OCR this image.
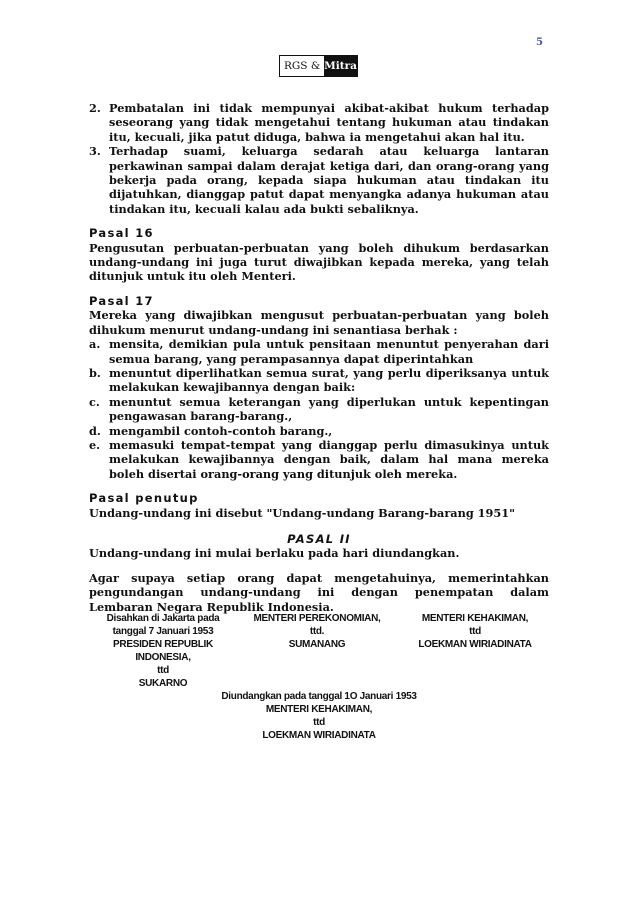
5
RGS & Mitra
2. Pembatalan ini tidak mempunyai akibat-akibat hukum terhadap seseorang yang tidak mengetahui tentang hukuman atau tindakan itu, kecuali, jika patut diduga, bahwa ia mengetahui akan hal itu.
3. Terhadap suami, keluarga sedarah atau keluarga lantaran perkawinan sampai dalam derajat ketiga dari, dan orang-orang yang bekerja pada orang, kepada siapa hukuman atau tindakan itu dijatuhkan, dianggap patut dapat menyangka adanya hukuman atau tindakan itu, kecuali kalau ada bukti sebaliknya.
Pasal 16

Pengusutan perbuatan-perbuatan yang boleh dihukum berdasarkan undang-undang ini juga turut diwajibkan kepada mereka, yang telah ditunjuk untuk itu oleh Menteri.

Pasal 17

Mereka yang diwajibkan mengusut perbuatan-perbuatan yang boleh dihukum menurut undang-undang ini senantiasa berhak :

a. mensita, demikian pula untuk pensitaan menuntut penyerahan dari semua barang, yang perampasannya dapat diperintahkan
b. menuntut diperlihatkan semua surat, yang perlu diperiksanya untuk melakukan kewajibannya dengan baik:
c. menuntut semua keterangan yang diperlukan untuk kepentingan pengawasan barang-barang.,
d. mengambil contoh-contoh barang.,
e. memasuki tempat-tempat yang dianggap perlu dimasukinya untuk melakukan kewajibannya dengan baik, dalam hal mana mereka boleh disertai orang-orang yang ditunjuk oleh mereka.
Pasal penutup

Undang-undang ini disebut "Undang-undang Barang-barang 1951"

PASAL II

Undang-undang ini mulai berlaku pada hari diundangkan.

Agar supaya setiap orang dapat mengetahuinya, memerintahkan pengundangan undang-undang ini dengan penempatan dalam Lembaran Negara Republik Indonesia.

Disahkan di Jakarta pada
tanggal 7 Januari 1953
PRESIDEN REPUBLIK
INDONESIA,
ttd
SUKARNO
MENTERI PEREKONOMIAN,
ttd.
SUMANANG
MENTERI KEHAKIMAN,
ttd
LOEKMAN WIRIADINATA
Diundangkan pada tanggal 1O Januari 1953
MENTERI KEHAKIMAN,
ttd
LOEKMAN WIRIADINATA
